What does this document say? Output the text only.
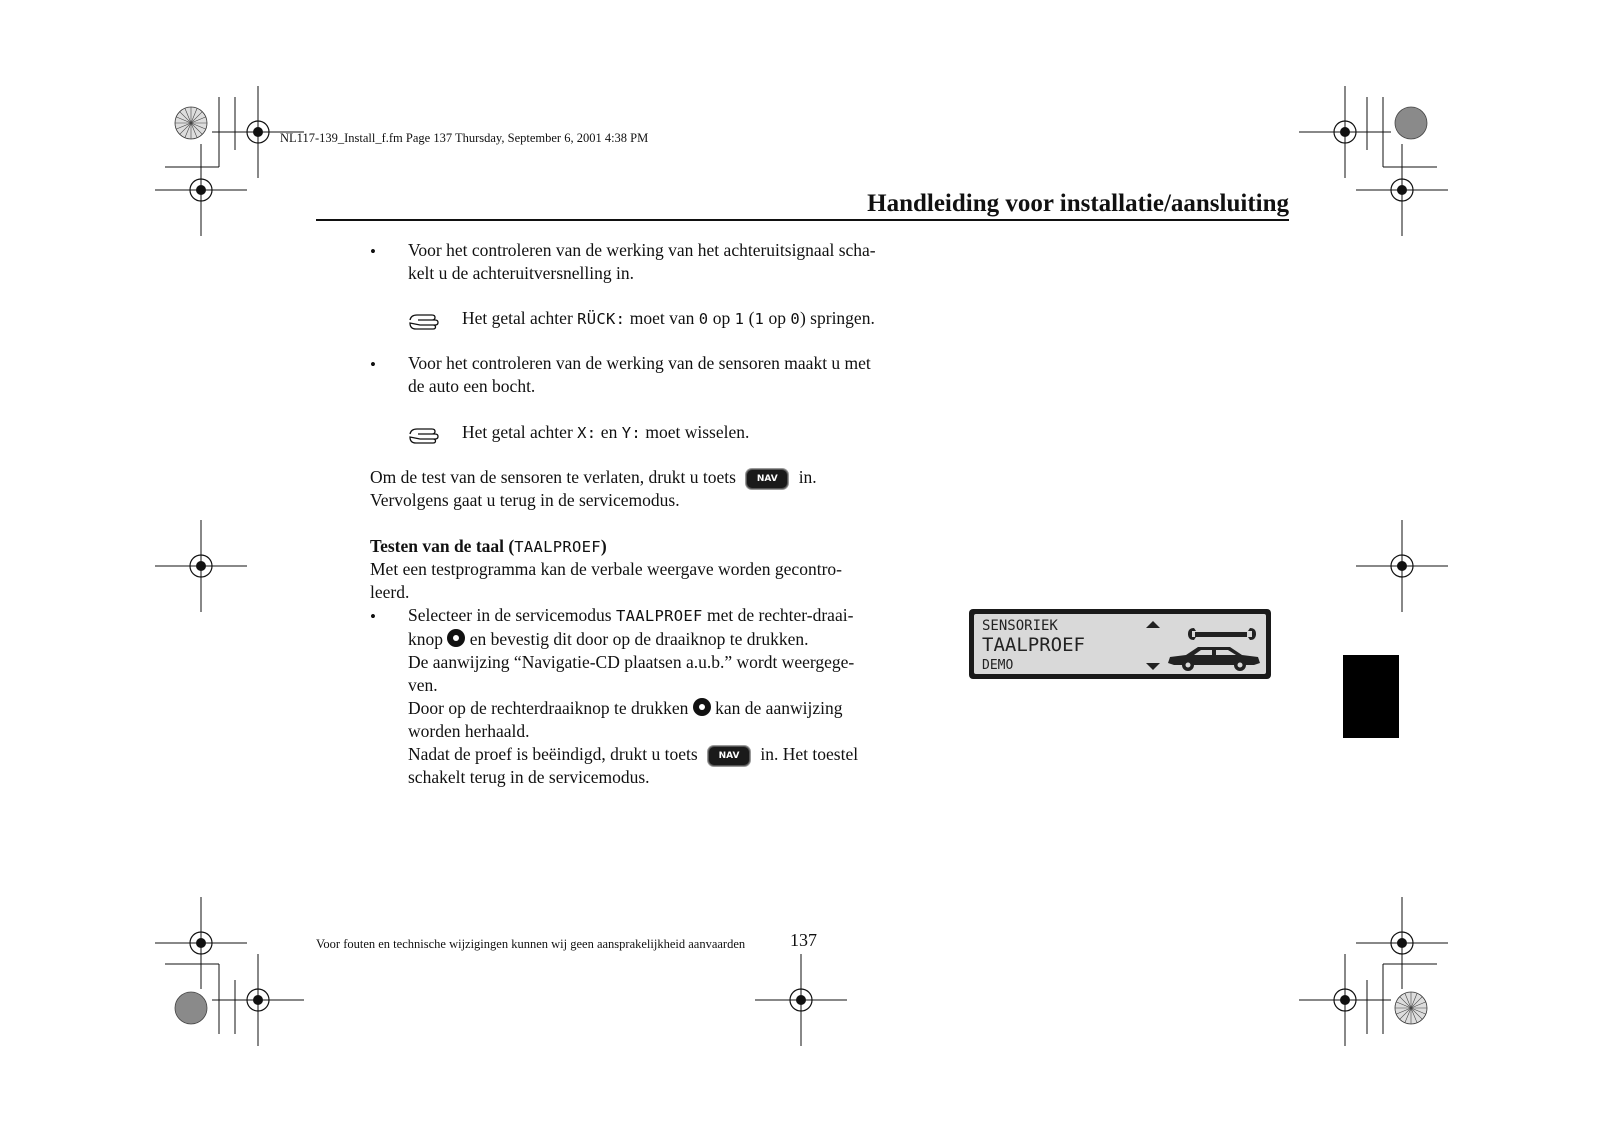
NL117-139_Install_f.fm Page 137 Thursday, September 6, 2001 4:38 PM
Handleiding voor installatie/aansluiting
• Voor het controleren van de werking van het achteruitsignaal scha-
kelt u de achteruitversnelling in.
Het getal achter RÜCK: moet van 0 op 1 (1 op 0) springen.
• Voor het controleren van de werking van de sensoren maakt u met
de auto een bocht.
Het getal achter X: en Y: moet wisselen.
Om de test van de sensoren te verlaten, drukt u toets NAV in.
Vervolgens gaat u terug in de servicemodus.
Testen van de taal (TAALPROEF)
Met een testprogramma kan de verbale weergave worden gecontro-
leerd.
• Selecteer in de servicemodus TAALPROEF met de rechter-draai-
knop  en bevestig dit door op de draaiknop te drukken.
De aanwijzing “Navigatie-CD plaatsen a.u.b.” wordt weergege-
ven.
Door op de rechterdraaiknop te drukken  kan de aanwijzing
worden herhaald.
Nadat de proef is beëindigd, drukt u toets NAV in. Het toestel
schakelt terug in de servicemodus.
SENSORIEK
TAALPROEF
DEMO
Voor fouten en technische wijzigingen kunnen wij geen aansprakelijkheid aanvaarden 137
